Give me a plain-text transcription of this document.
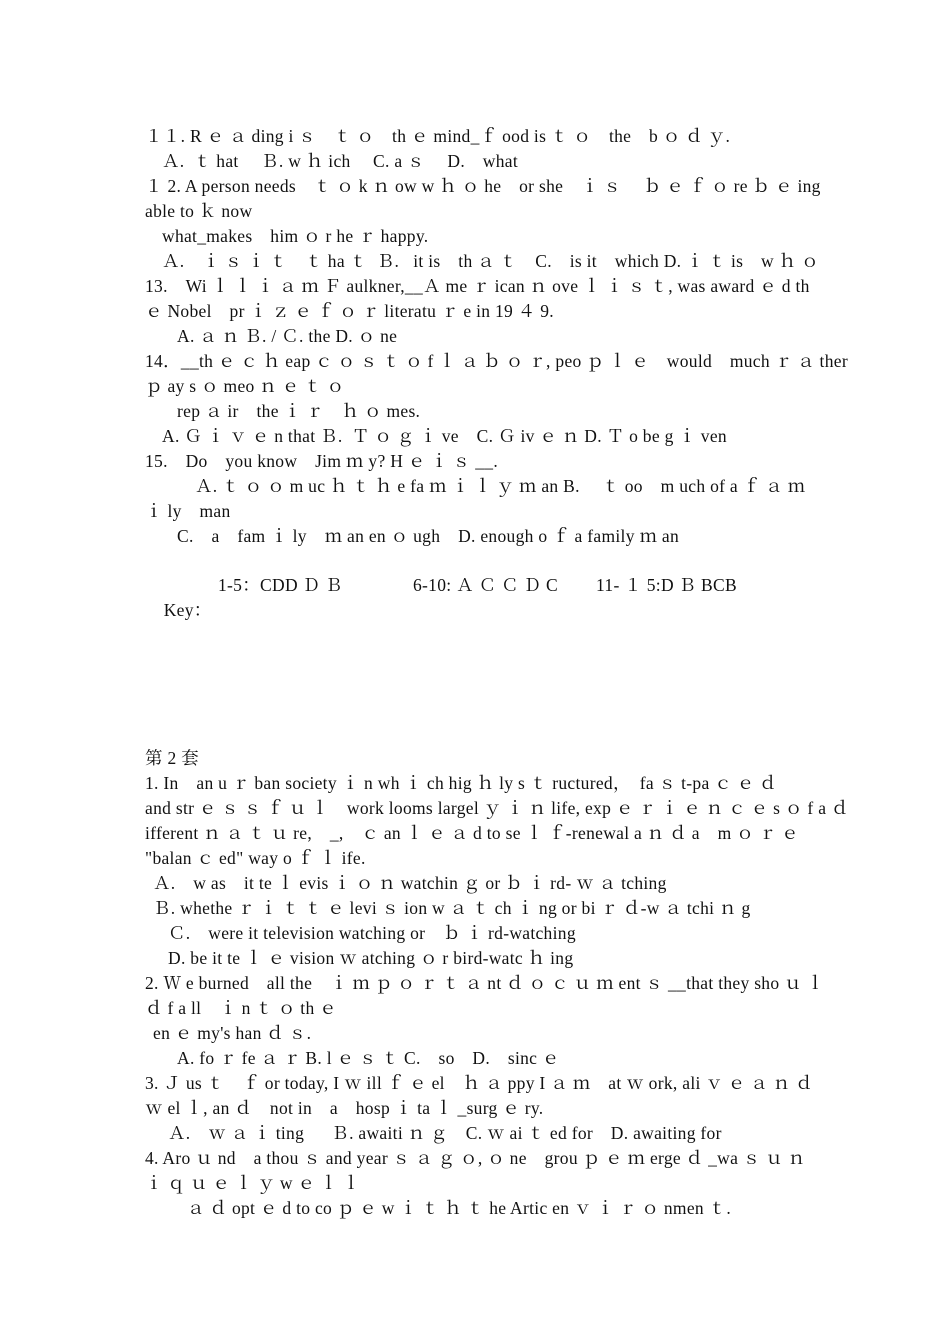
１１. R ｅ ａ ding i ｓ　ｔ ｏ　th ｅ mind_ｆ ood is ｔ ｏ　the　b ｏ ｄ ｙ.
Ａ.  ｔ hat　 Ｂ. w ｈ ich　 C. a ｓ　 D.　what
１ 2. A person needs　ｔ ｏ k ｎ ow w ｈ ｏ he　or she　ｉ ｓ　 ｂ ｅ ｆ ｏ re ｂ ｅ ing
able to ｋ now
what_makes　him ｏ r he ｒ happy.
Ａ.　ｉ ｓ ｉ ｔ　ｔ ha ｔ  Ｂ.   it is　th ａ ｔ　C.　is it　which D. ｉ ｔ is　w ｈ ｏ
13.　Wi ｌ ｌ ｉ ａ ｍ Ｆ aulkner,__Ａ me ｒ ican ｎ ove ｌ ｉ ｓ ｔ, was award ｅ d th
ｅ Nobel　pr ｉ ｚ ｅ ｆ ｏ ｒ literatu ｒ e in 19 ４ 9.
A. ａ ｎ Ｂ. / Ｃ. the D. ｏ ne
14．__th ｅ ｃ ｈ eap ｃ ｏ ｓ ｔ ｏ f ｌ ａ ｂ ｏ ｒ, peo ｐ ｌ ｅ　would　much ｒ ａ ther
ｐ ay s ｏ meo ｎ ｅ ｔ ｏ
rep ａ ir　the ｉ ｒ　ｈ ｏ mes.
A. Ｇ ｉ ｖ ｅ n that Ｂ.  Ｔ ｏ ｇ ｉ ve　C. Ｇ iv ｅ ｎ D. Ｔ o be g ｉ ven
15.　Do　you know　Jim ｍ y? H ｅ ｉ ｓ __.
Ａ. ｔ ｏ ｏ m uc ｈ ｔ ｈ e fa ｍ ｉ ｌ ｙ ｍ an B.　 ｔ oo　m uch of a ｆ ａ ｍ
ｉ ly　man
C.　a　fam ｉ ly　ｍ an en ｏ ugh　D. enough o ｆ a family ｍ an

Key：

1-5：CDD Ｄ Ｂ	6-10: Ａ Ｃ Ｃ Ｄ C 11- １ 5:D Ｂ BCB
第 2 套
1. In　an u ｒ ban society ｉ n wh ｉ ch hig ｈ ly s ｔ ructured，　fa ｓ t-pa ｃ ｅ ｄ
and str ｅ ｓ ｓ ｆ ｕ ｌ　work looms largel ｙ ｉ ｎ life, exp ｅ ｒ ｉ ｅ ｎ ｃ ｅ s ｏ f a ｄ
ifferent ｎ ａ ｔ ｕ re,　_,　ｃ an ｌ ｅ ａ d to se ｌ ｆ-renewal a ｎ ｄ a　m ｏ ｒ ｅ
"balan ｃ ed" way o ｆ ｌ ife.
Ａ.　w as　it te ｌ evis ｉ ｏ ｎ watchin ｇ or ｂ ｉ rd- ｗ ａ tching
Ｂ. whethe ｒ ｉ ｔ ｔ ｅ levi ｓ ion w ａ ｔ ch ｉ ng or bi ｒ ｄ-w ａ tchi ｎ g
Ｃ.　were it television watching or　ｂ ｉ rd-watching
D. be it te ｌ ｅ vision ｗ atching ｏ r bird-watc ｈ ing
2. Ｗ e burned　all the　ｉ ｍ ｐ ｏ ｒ ｔ ａ nt ｄ ｏ ｃ ｕ ｍ ent ｓ __that they sho ｕ ｌ
ｄ f a ll　ｉ n ｔ ｏ th ｅ
en ｅ my's han ｄ ｓ.
A. fo ｒ fe ａ ｒ B. l ｅ ｓ ｔ C.　so　D.　sinc ｅ
3. Ｊ us ｔ　ｆ or today, I ｗ ill ｆ ｅ el　ｈ ａ ppy I ａ ｍ　at ｗ ork, ali ｖ ｅ ａ ｎ ｄ
ｗ el ｌ, an ｄ　not in　a　hosp ｉ ta ｌ _surg ｅ ry.
Ａ.　ｗ ａ ｉ ting　  Ｂ. awaiti ｎ ｇ　C. ｗ ai ｔ ed for　D. awaiting for
4. Aro ｕ nd　a thou ｓ and year ｓ ａ ｇ ｏ, ｏ ne　grou ｐ ｅ ｍ erge ｄ _wa ｓ ｕ ｎ
ｉ ｑ ｕ ｅ ｌ ｙ w ｅ ｌ ｌ
ａ ｄ opt ｅ d to co ｐ ｅ w ｉ ｔ ｈ ｔ he Artic en ｖ ｉ ｒ ｏ nmen ｔ.
